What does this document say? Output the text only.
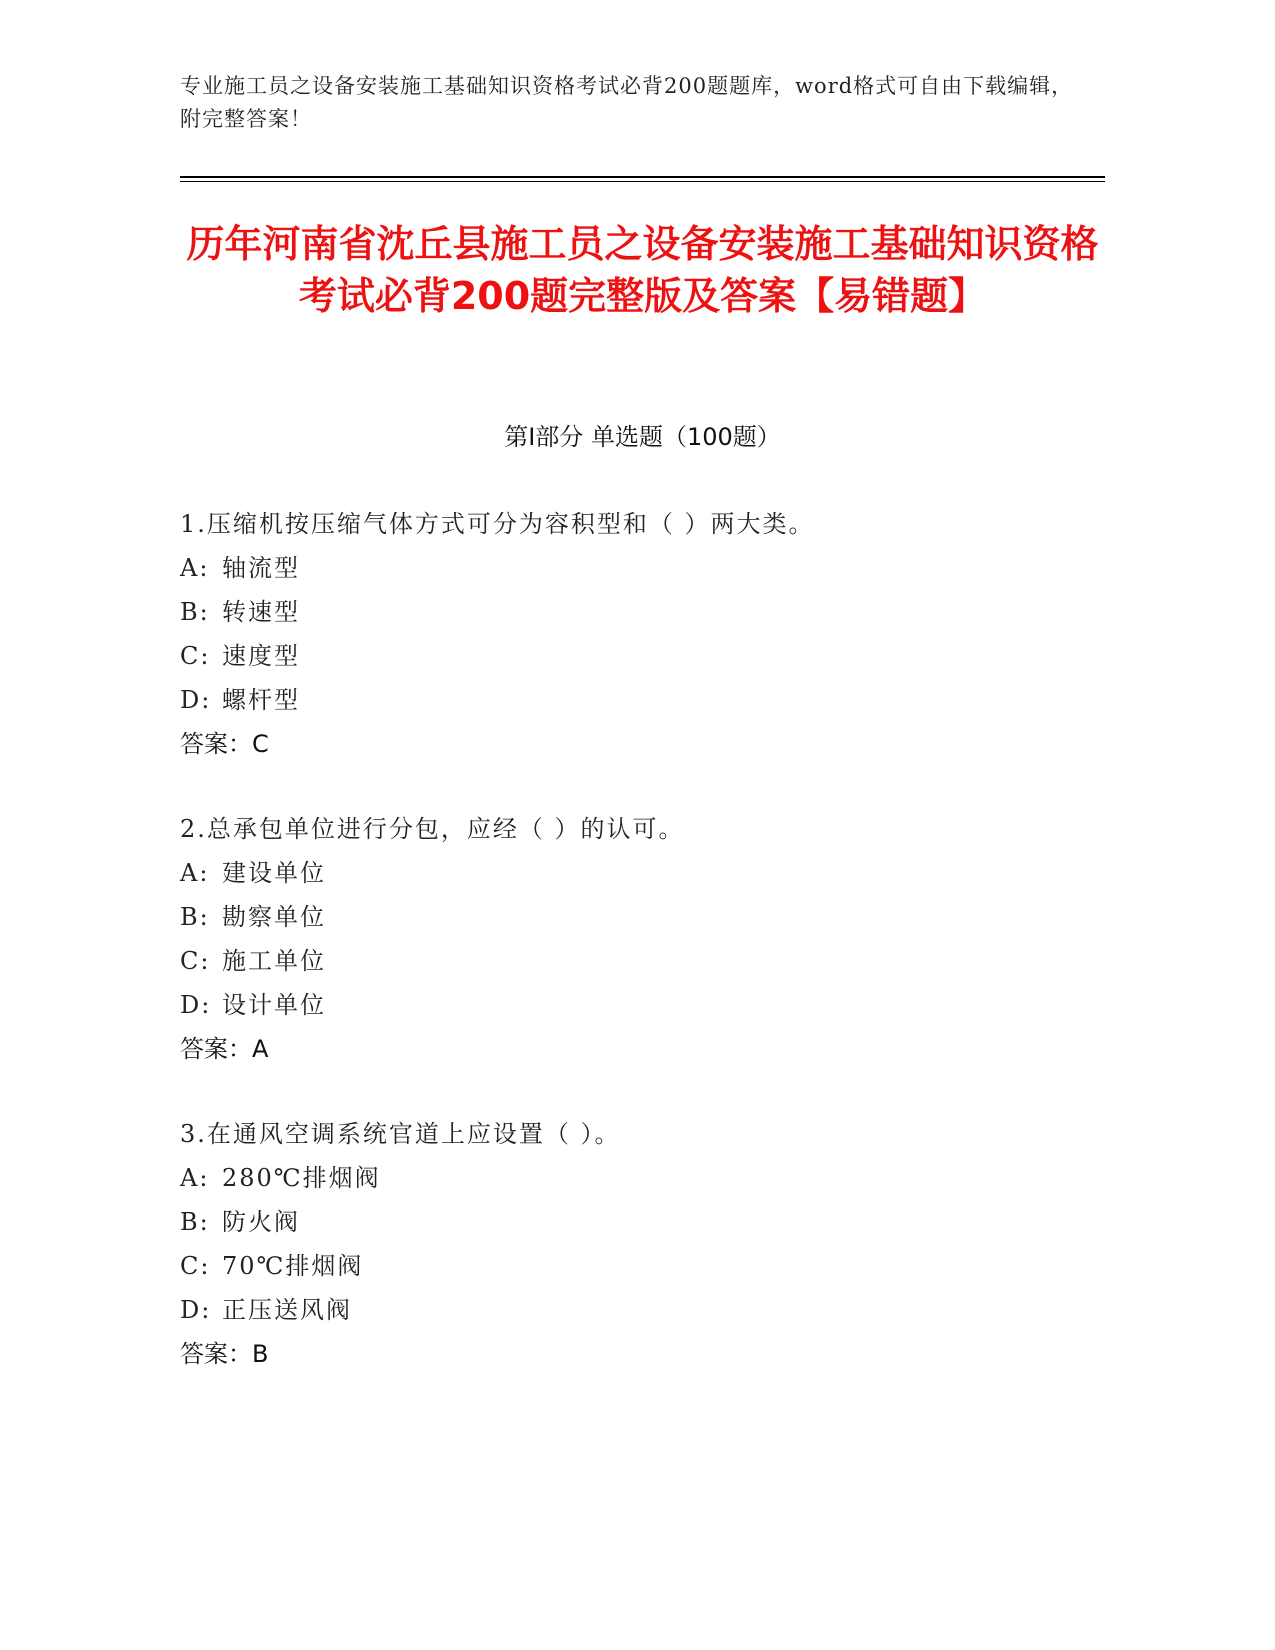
专业施工员之设备安装施工基础知识资格考试必背200题题库，word格式可自由下载编辑，附完整答案！
历年河南省沈丘县施工员之设备安装施工基础知识资格考试必背200题完整版及答案【易错题】
第Ⅰ部分 单选题（100题）
1.压缩机按压缩气体方式可分为容积型和（ ）两大类。
A: 轴流型
B: 转速型
C: 速度型
D: 螺杆型
答案：C
2.总承包单位进行分包，应经（ ）的认可。
A: 建设单位
B: 勘察单位
C: 施工单位
D: 设计单位
答案：A
3.在通风空调系统官道上应设置（ ）。
A: 280℃排烟阀
B: 防火阀
C: 70℃排烟阀
D: 正压送风阀
答案：B
